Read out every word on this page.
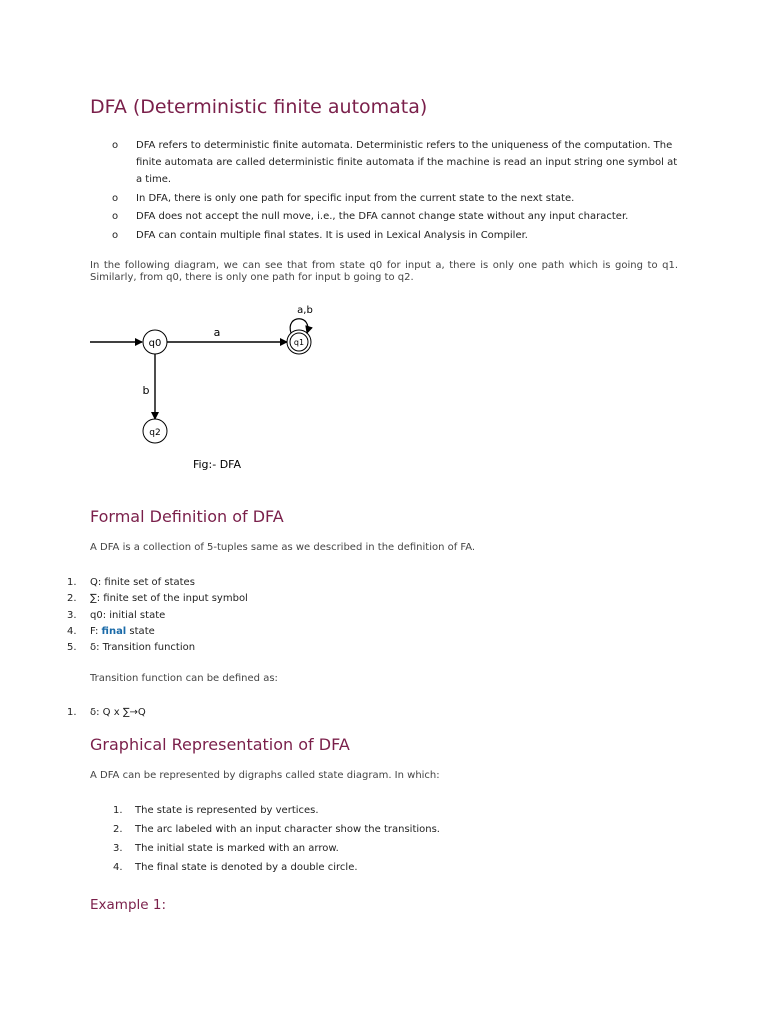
DFA (Deterministic finite automata)
o DFA refers to deterministic finite automata. Deterministic refers to the uniqueness of the computation. The finite automata are called deterministic finite automata if the machine is read an input string one symbol at a time.
o In DFA, there is only one path for specific input from the current state to the next state.
o DFA does not accept the null move, i.e., the DFA cannot change state without any input character.
o DFA can contain multiple final states. It is used in Lexical Analysis in Compiler.

In the following diagram, we can see that from state q0 for input a, there is only one path which is going to q1. Similarly, from q0, there is only one path for input b going to q2.

q0
a
q1
a,b
b
q2
Fig:- DFA
Formal Definition of DFA

A DFA is a collection of 5-tuples same as we described in the definition of FA.

1. Q: finite set of states
2. ∑: finite set of the input symbol
3. q0: initial state
4. F: final state
5. δ: Transition function

Transition function can be defined as:

1. δ: Q x ∑→Q
Graphical Representation of DFA

A DFA can be represented by digraphs called state diagram. In which:

1. The state is represented by vertices.
2. The arc labeled with an input character show the transitions.
3. The initial state is marked with an arrow.
4. The final state is denoted by a double circle.
Example 1:
